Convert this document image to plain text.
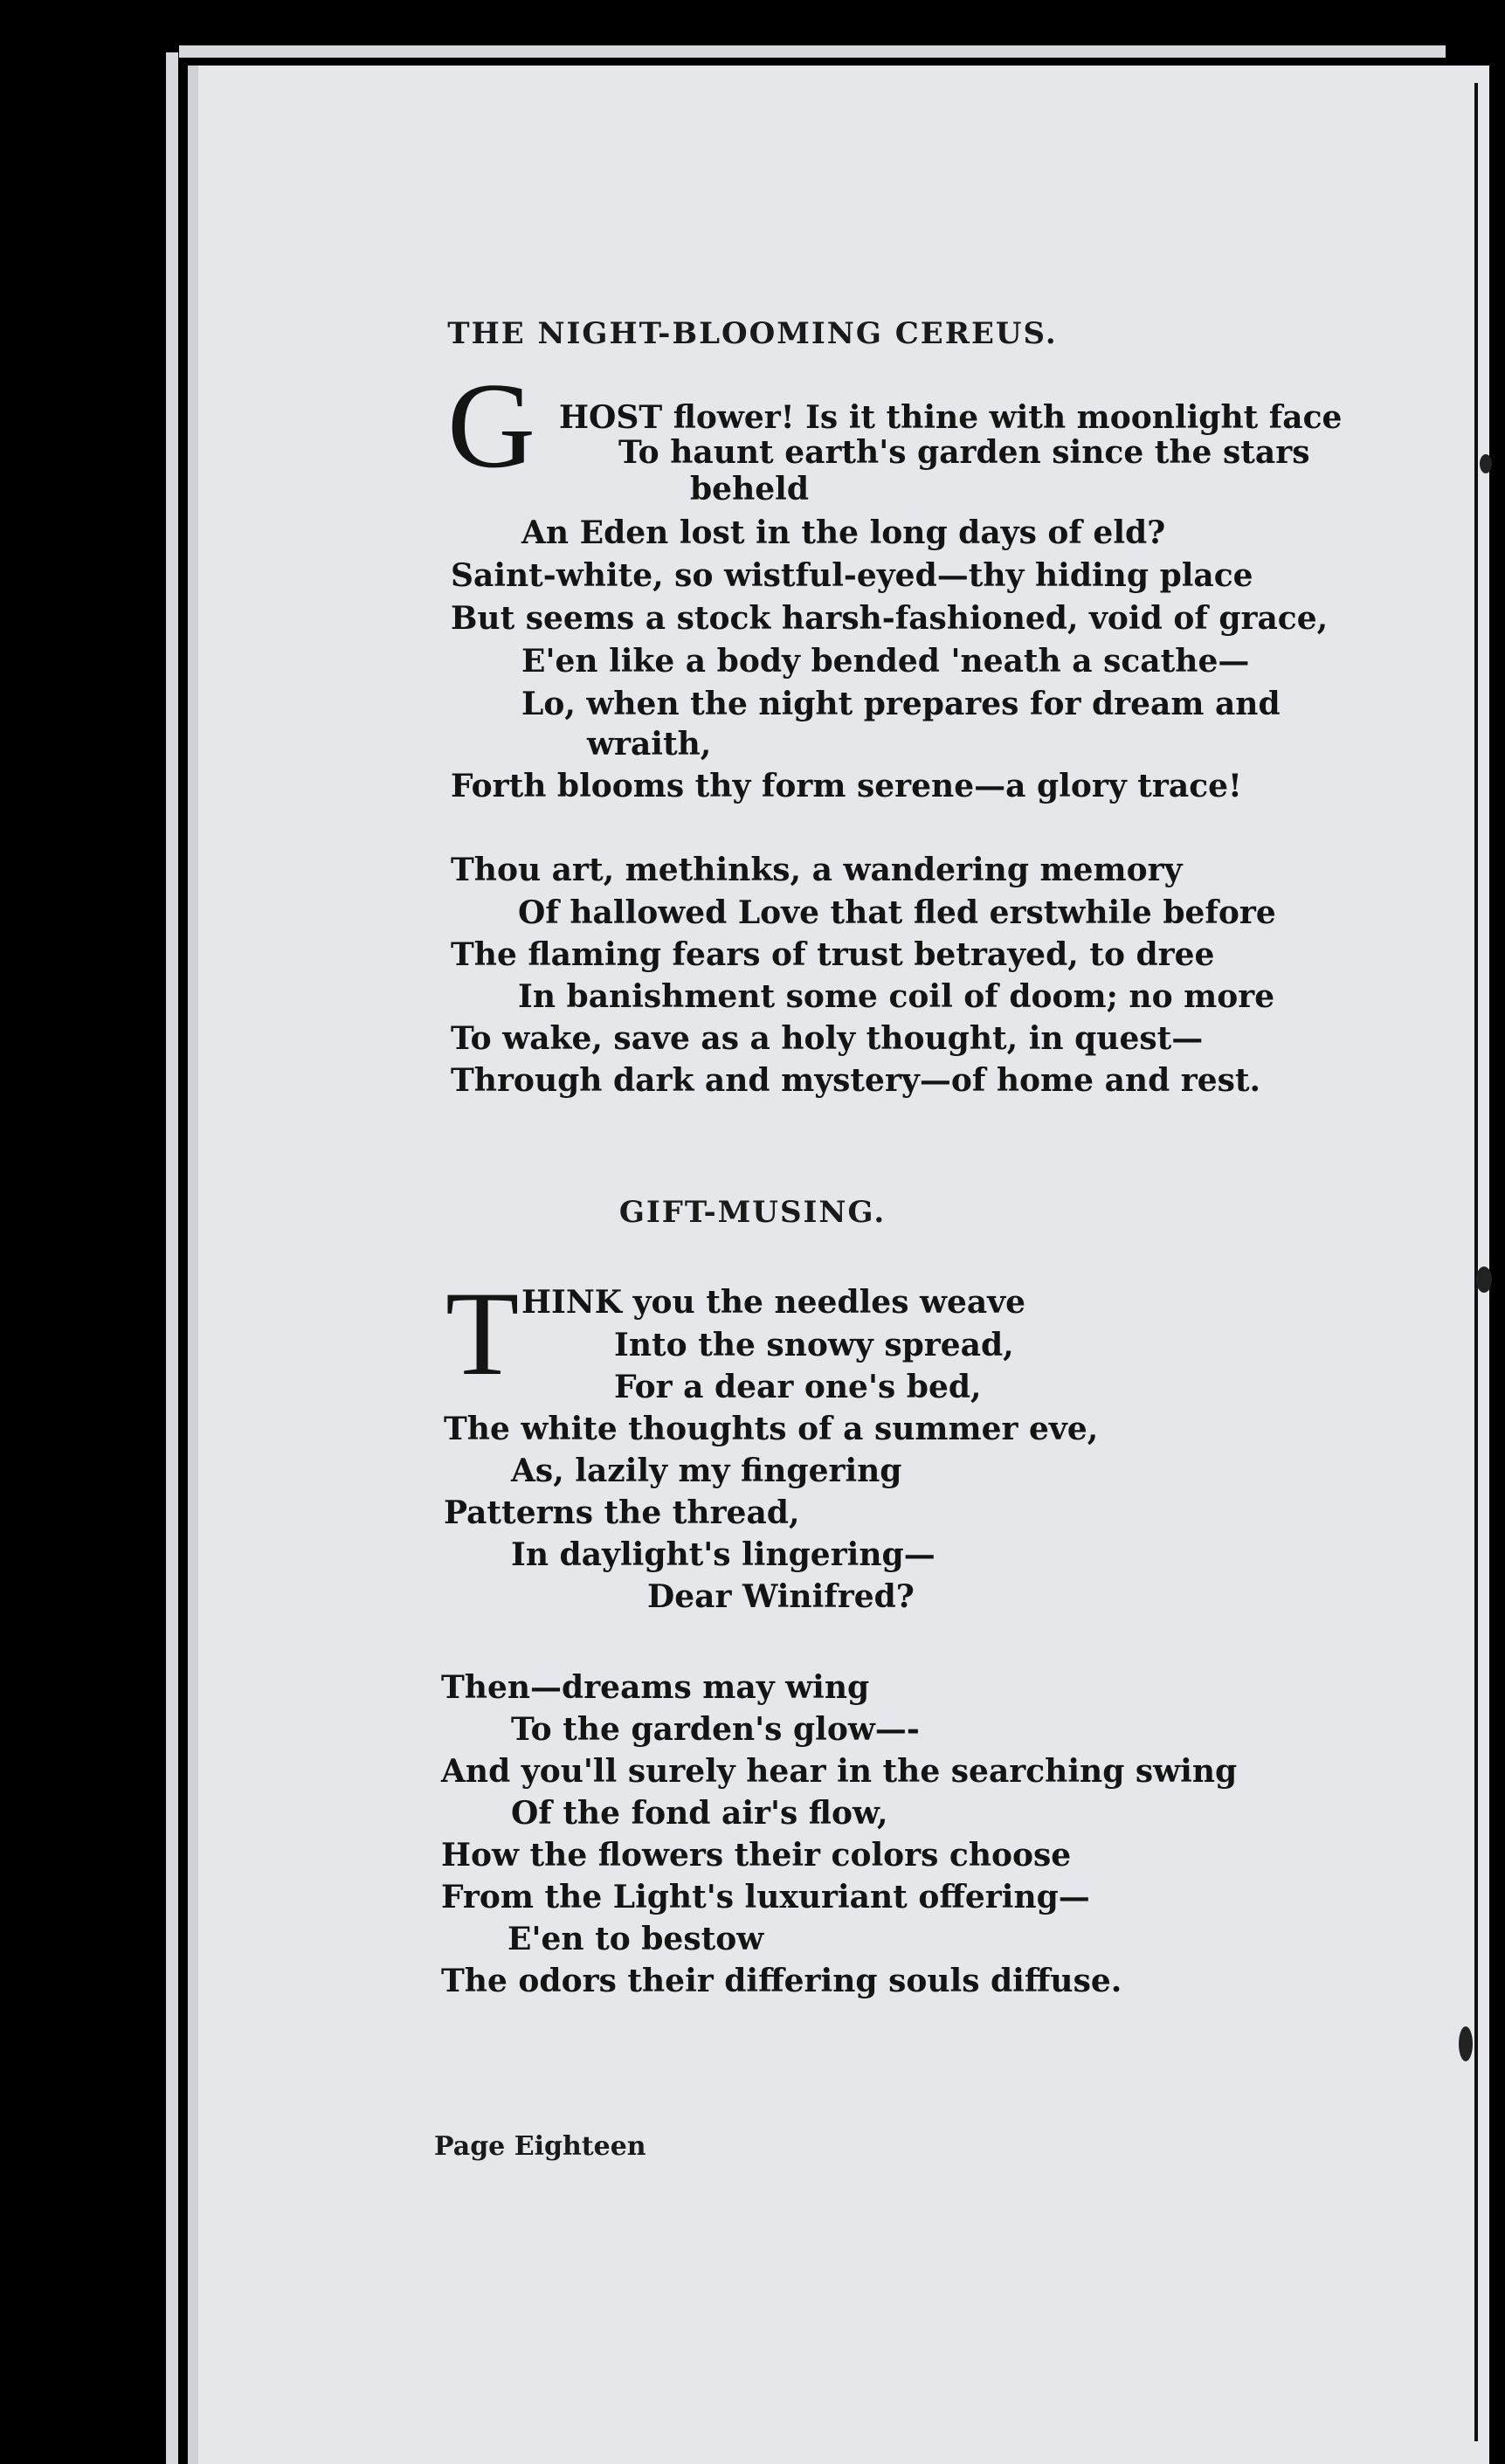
THE NIGHT-BLOOMING CEREUS.
G HOST flower! Is it thine with moonlight face
To haunt earth's garden since the stars
beheld
An Eden lost in the long days of eld?
Saint-white, so wistful-eyed—thy hiding place
But seems a stock harsh-fashioned, void of grace,
E'en like a body bended 'neath a scathe—
Lo, when the night prepares for dream and
wraith,
Forth blooms thy form serene—a glory trace!
Thou art, methinks, a wandering memory
Of hallowed Love that fled erstwhile before
The flaming fears of trust betrayed, to dree
In banishment some coil of doom; no more
To wake, save as a holy thought, in quest—
Through dark and mystery—of home and rest.
GIFT-MUSING.
T HINK you the needles weave
Into the snowy spread,
For a dear one's bed,
The white thoughts of a summer eve,
As, lazily my fingering
Patterns the thread,
In daylight's lingering—
Dear Winifred?
Then—dreams may wing
To the garden's glow—-
And you'll surely hear in the searching swing
Of the fond air's flow,
How the flowers their colors choose
From the Light's luxuriant offering—
E'en to bestow
The odors their differing souls diffuse.
Page Eighteen
